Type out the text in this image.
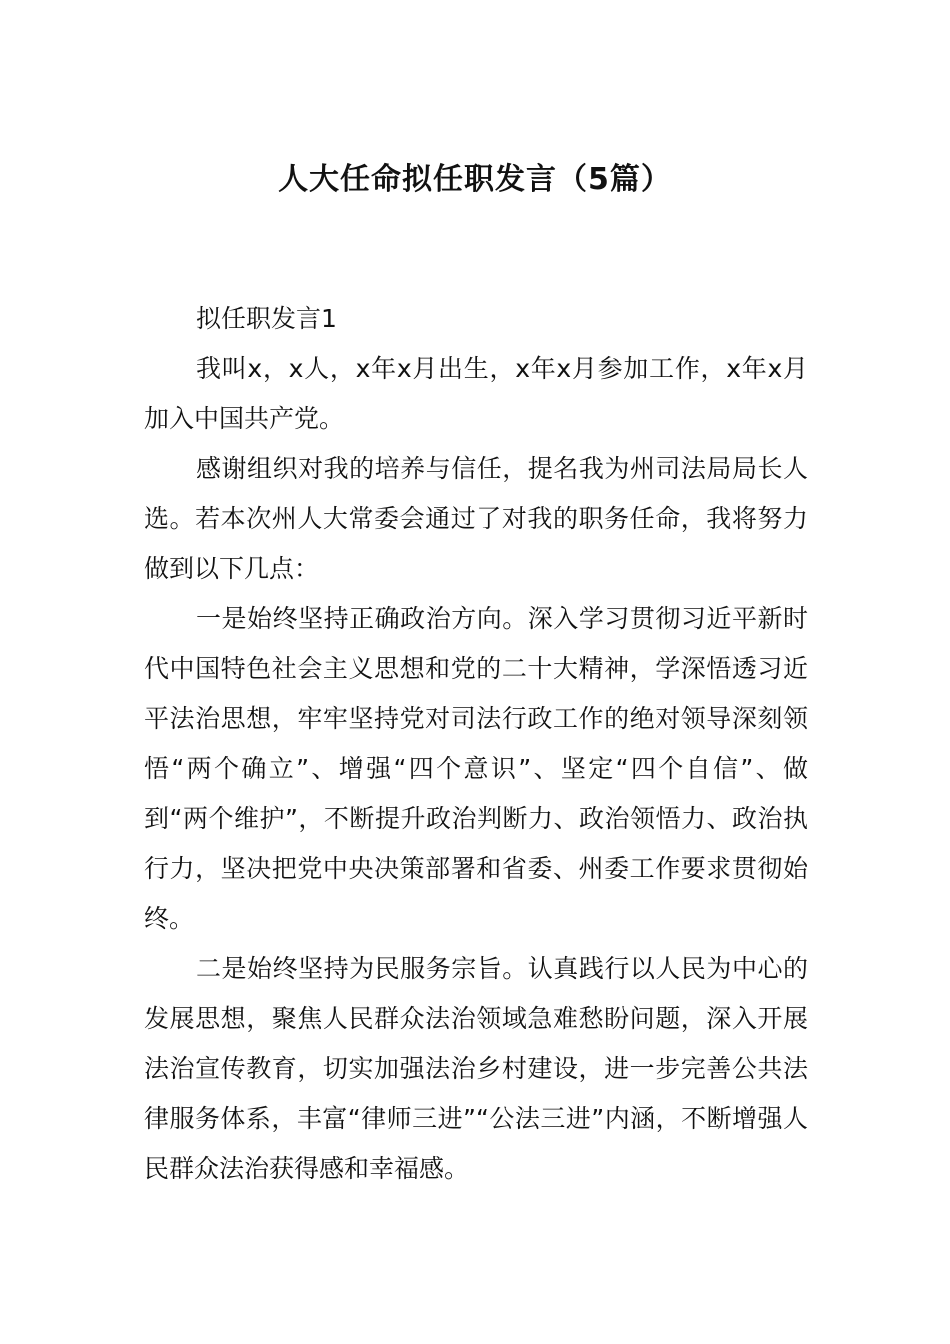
人大任命拟任职发言（5篇）

拟任职发言1

我叫x，x人，x年x月出生，x年x月参加工作，x年x月加入中国共产党。

感谢组织对我的培养与信任，提名我为州司法局局长人选。若本次州人大常委会通过了对我的职务任命，我将努力做到以下几点：

一是始终坚持正确政治方向。深入学习贯彻习近平新时代中国特色社会主义思想和党的二十大精神，学深悟透习近平法治思想，牢牢坚持党对司法行政工作的绝对领导深刻领悟“两个确立”、增强“四个意识”、坚定“四个自信”、做到“两个维护”，不断提升政治判断力、政治领悟力、政治执行力，坚决把党中央决策部署和省委、州委工作要求贯彻始终。

二是始终坚持为民服务宗旨。认真践行以人民为中心的发展思想，聚焦人民群众法治领域急难愁盼问题，深入开展法治宣传教育，切实加强法治乡村建设，进一步完善公共法律服务体系，丰富“律师三进”“公法三进”内涵，不断增强人民群众法治获得感和幸福感。
